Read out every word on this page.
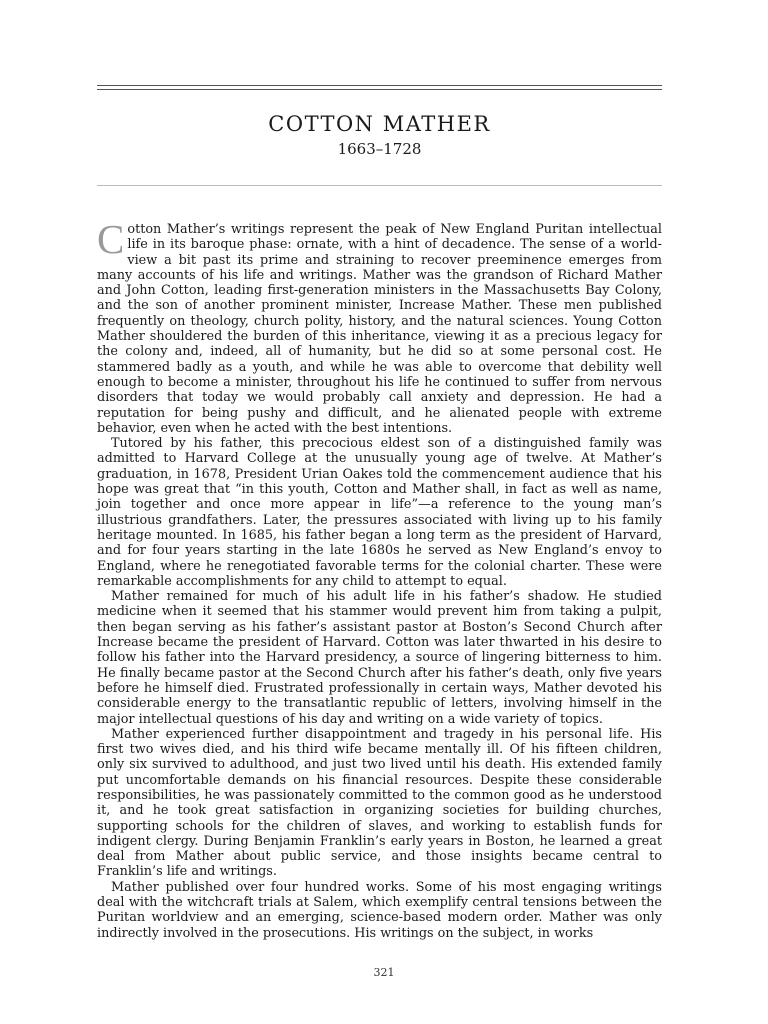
COTTON MATHER
1663–1728

Cotton Mather’s writings represent the peak of New England Puritan intellectual life in its baroque phase: ornate, with a hint of decadence. The sense of a world-view a bit past its prime and straining to recover preeminence emerges from many accounts of his life and writings. Mather was the grandson of Richard Mather and John Cotton, leading first-generation ministers in the Massachusetts Bay Colony, and the son of another prominent minister, Increase Mather. These men published frequently on theology, church polity, history, and the natural sciences. Young Cotton Mather shouldered the burden of this inheritance, viewing it as a precious legacy for the colony and, indeed, all of humanity, but he did so at some personal cost. He stammered badly as a youth, and while he was able to overcome that debility well enough to become a minister, throughout his life he continued to suffer from nervous disorders that today we would probably call anxiety and depression. He had a reputation for being pushy and difficult, and he alienated people with extreme behavior, even when he acted with the best intentions.

Tutored by his father, this precocious eldest son of a distinguished family was admitted to Harvard College at the unusually young age of twelve. At Mather’s graduation, in 1678, President Urian Oakes told the commencement audience that his hope was great that “in this youth, Cotton and Mather shall, in fact as well as name, join together and once more appear in life”—a reference to the young man’s illustrious grandfathers. Later, the pressures associated with living up to his family heritage mounted. In 1685, his father began a long term as the president of Harvard, and for four years starting in the late 1680s he served as New England’s envoy to England, where he renegotiated favorable terms for the colonial charter. These were remarkable accomplishments for any child to attempt to equal.

Mather remained for much of his adult life in his father’s shadow. He studied medicine when it seemed that his stammer would prevent him from taking a pulpit, then began serving as his father’s assistant pastor at Boston’s Second Church after Increase became the president of Harvard. Cotton was later thwarted in his desire to follow his father into the Harvard presidency, a source of lingering bitterness to him. He finally became pastor at the Second Church after his father’s death, only five years before he himself died. Frustrated professionally in certain ways, Mather devoted his considerable energy to the transatlantic republic of letters, involving himself in the major intellectual questions of his day and writing on a wide variety of topics.

Mather experienced further disappointment and tragedy in his personal life. His first two wives died, and his third wife became mentally ill. Of his fifteen children, only six survived to adulthood, and just two lived until his death. His extended family put uncomfortable demands on his financial resources. Despite these considerable responsibilities, he was passionately committed to the common good as he understood it, and he took great satisfaction in organizing societies for building churches, supporting schools for the children of slaves, and working to establish funds for indigent clergy. During Benjamin Franklin’s early years in Boston, he learned a great deal from Mather about public service, and those insights became central to Franklin’s life and writings.

Mather published over four hundred works. Some of his most engaging writings deal with the witchcraft trials at Salem, which exemplify central tensions between the Puritan worldview and an emerging, science-based modern order. Mather was only indirectly involved in the prosecutions. His writings on the subject, in works

321
